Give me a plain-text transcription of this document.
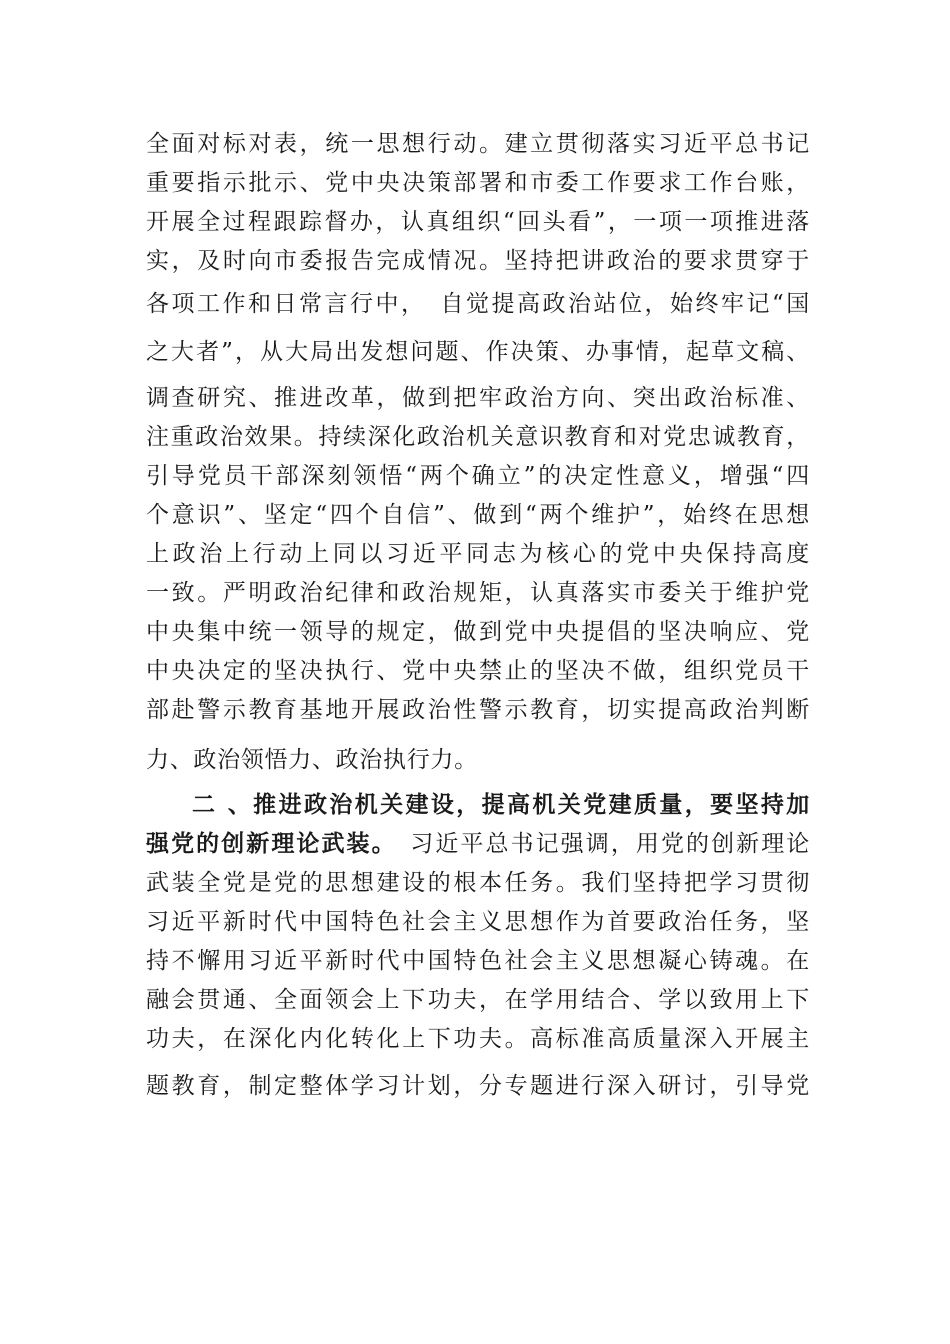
全面对标对表，统一思想行动。建立贯彻落实习近平总书记
重要指示批示、党中央决策部署和市委工作要求工作台账，
开展全过程跟踪督办，认真组织“回头看”，一项一项推进落
实，及时向市委报告完成情况。坚持把讲政治的要求贯穿于
各项工作和日常言行中，　自觉提高政治站位，始终牢记“国
之大者”，从大局出发想问题、作决策、办事情，起草文稿、
调查研究、推进改革，做到把牢政治方向、突出政治标准、
注重政治效果。持续深化政治机关意识教育和对党忠诚教育，
引导党员干部深刻领悟“两个确立”的决定性意义，增强“四
个意识”、坚定“四个自信”、做到“两个维护”，始终在思想
上政治上行动上同以习近平同志为核心的党中央保持高度
一致。严明政治纪律和政治规矩，认真落实市委关于维护党
中央集中统一领导的规定，做到党中央提倡的坚决响应、党
中央决定的坚决执行、党中央禁止的坚决不做，组织党员干
部赴警示教育基地开展政治性警示教育，切实提高政治判断
力、政治领悟力、政治执行力。
二 、推进政治机关建设，提高机关党建质量，要坚持加
强党的创新理论武装。　习近平总书记强调，用党的创新理论
武装全党是党的思想建设的根本任务。我们坚持把学习贯彻
习近平新时代中国特色社会主义思想作为首要政治任务，坚
持不懈用习近平新时代中国特色社会主义思想凝心铸魂。在
融会贯通、全面领会上下功夫，在学用结合、学以致用上下
功夫，在深化内化转化上下功夫。高标准高质量深入开展主
题教育，制定整体学习计划，分专题进行深入研讨，引导党
